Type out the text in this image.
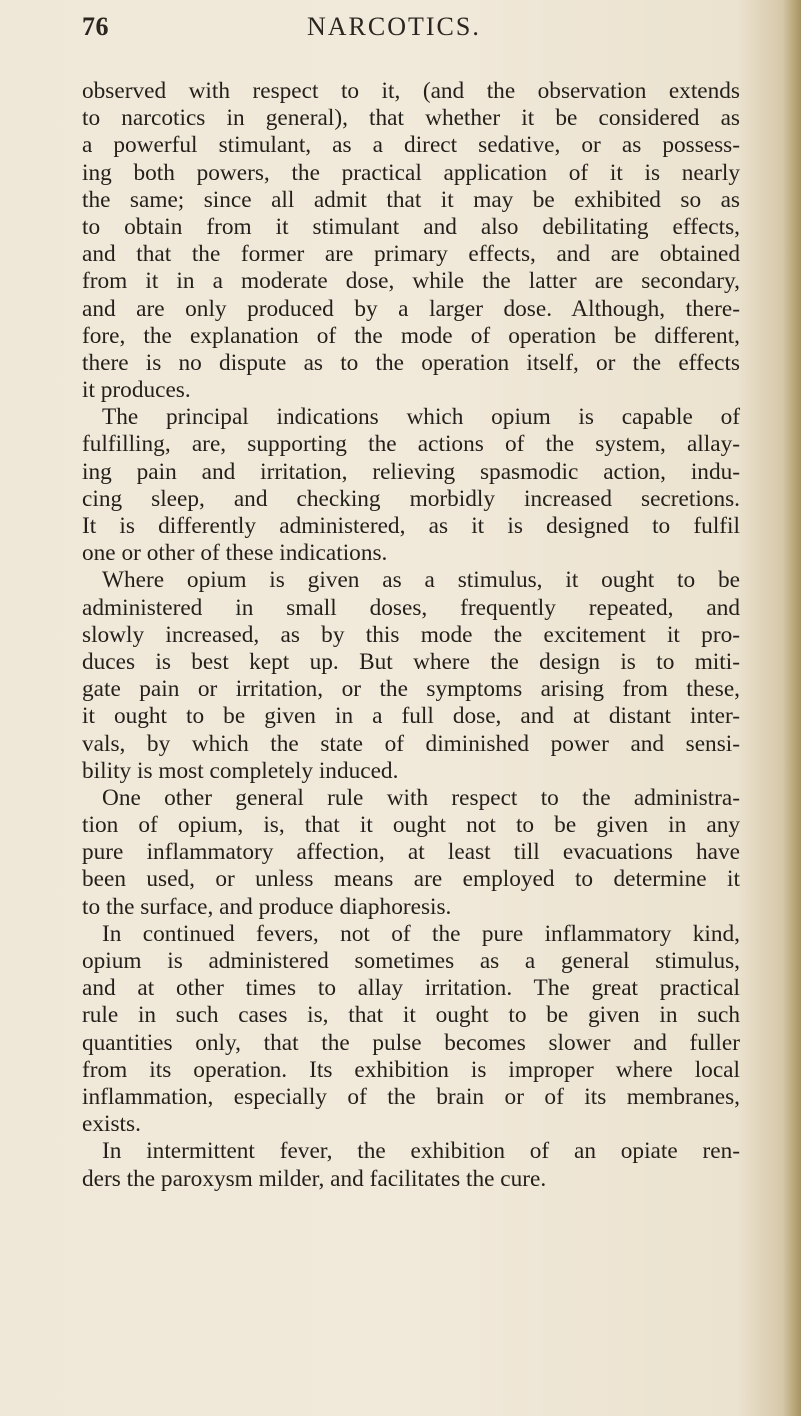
76	NARCOTICS.
observed with respect to it, (and the observation extends
to narcotics in general), that whether it be considered as
a powerful stimulant, as a direct sedative, or as possess-
ing both powers, the practical application of it is nearly
the same; since all admit that it may be exhibited so as
to obtain from it stimulant and also debilitating effects,
and that the former are primary effects, and are obtained
from it in a moderate dose, while the latter are secondary,
and are only produced by a larger dose. Although, there-
fore, the explanation of the mode of operation be different,
there is no dispute as to the operation itself, or the effects
it produces.
The principal indications which opium is capable of
fulfilling, are, supporting the actions of the system, allay-
ing pain and irritation, relieving spasmodic action, indu-
cing sleep, and checking morbidly increased secretions.
It is differently administered, as it is designed to fulfil
one or other of these indications.
Where opium is given as a stimulus, it ought to be
administered in small doses, frequently repeated, and
slowly increased, as by this mode the excitement it pro-
duces is best kept up. But where the design is to miti-
gate pain or irritation, or the symptoms arising from these,
it ought to be given in a full dose, and at distant inter-
vals, by which the state of diminished power and sensi-
bility is most completely induced.
One other general rule with respect to the administra-
tion of opium, is, that it ought not to be given in any
pure inflammatory affection, at least till evacuations have
been used, or unless means are employed to determine it
to the surface, and produce diaphoresis.
In continued fevers, not of the pure inflammatory kind,
opium is administered sometimes as a general stimulus,
and at other times to allay irritation. The great practical
rule in such cases is, that it ought to be given in such
quantities only, that the pulse becomes slower and fuller
from its operation. Its exhibition is improper where local
inflammation, especially of the brain or of its membranes,
exists.
In intermittent fever, the exhibition of an opiate ren-
ders the paroxysm milder, and facilitates the cure.
